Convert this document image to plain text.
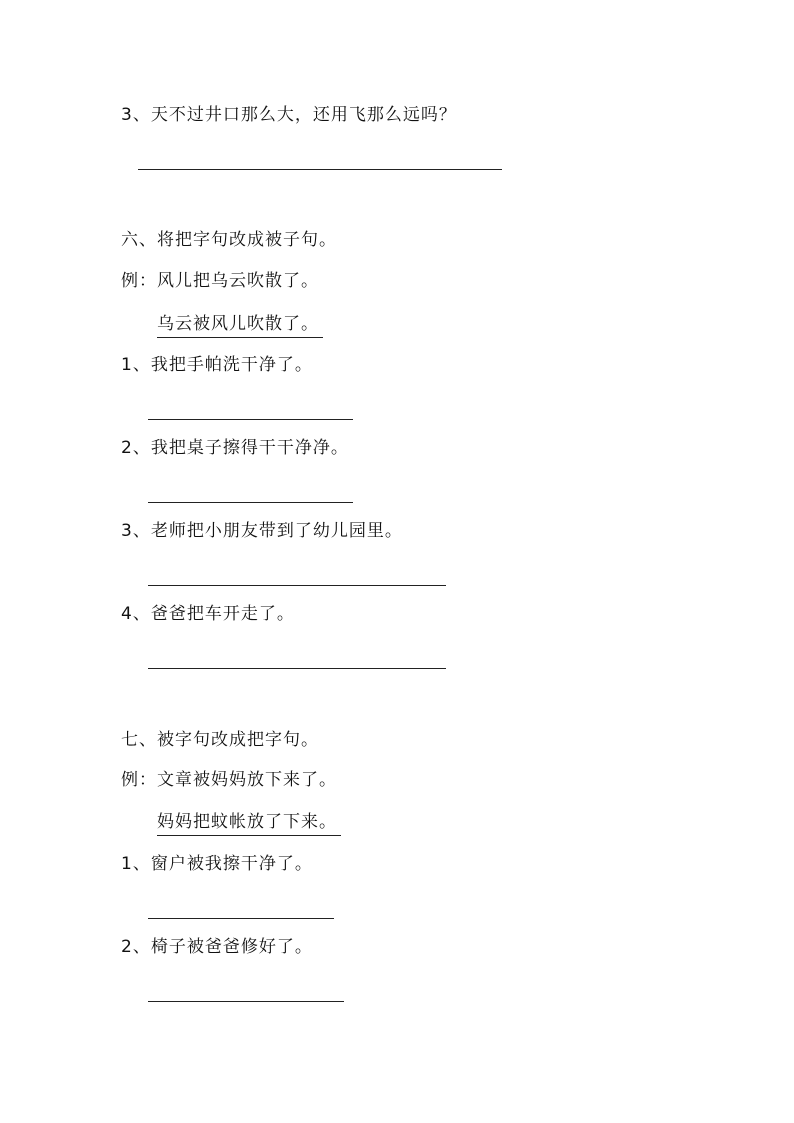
3、天不过井口那么大，还用飞那么远吗？
六、将把字句改成被子句。
例：风儿把乌云吹散了。
乌云被风儿吹散了。
1、我把手帕洗干净了。
2、我把桌子擦得干干净净。
3、老师把小朋友带到了幼儿园里。
4、爸爸把车开走了。
七、被字句改成把字句。
例：文章被妈妈放下来了。
妈妈把蚊帐放了下来。
1、窗户被我擦干净了。
2、椅子被爸爸修好了。
